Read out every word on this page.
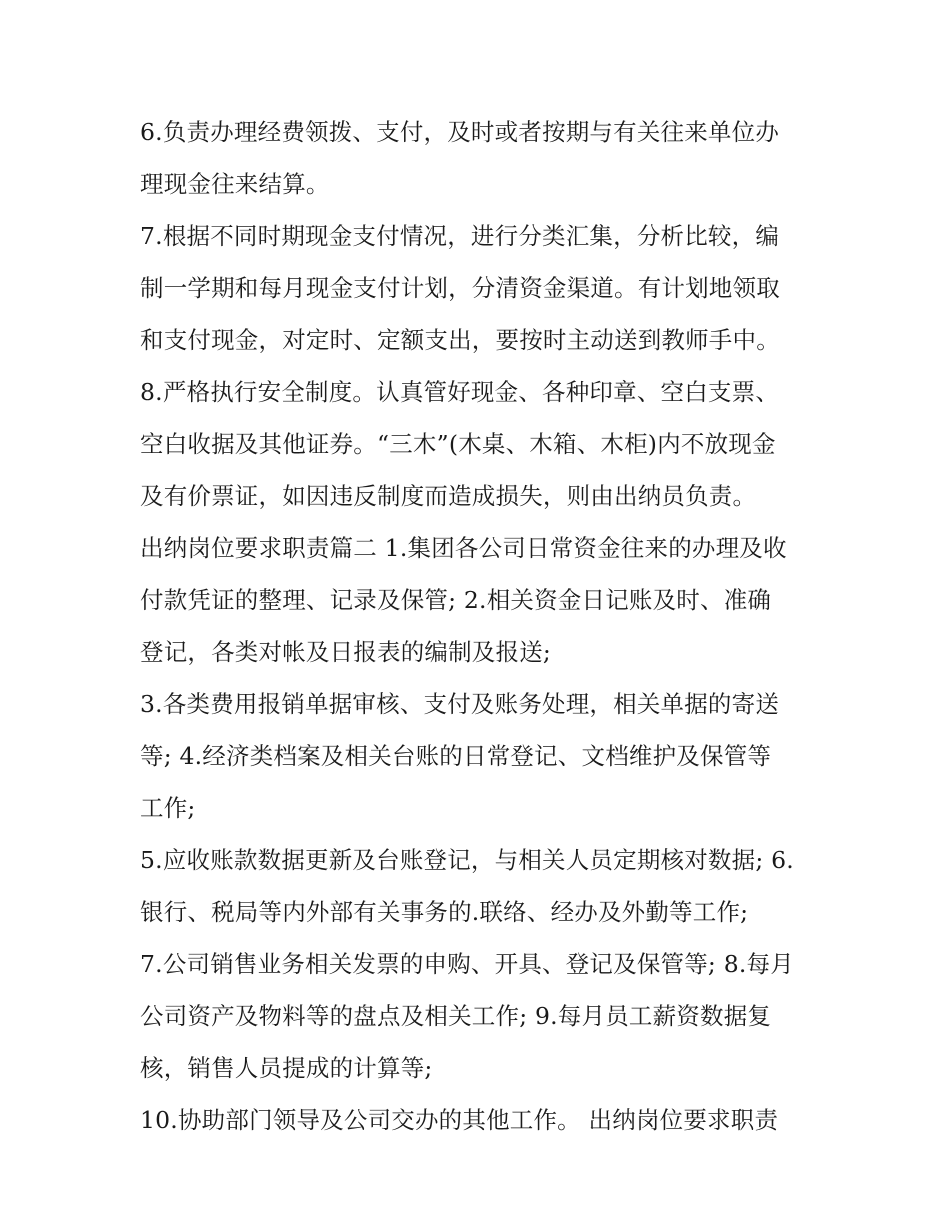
6.负责办理经费领拨、支付，及时或者按期与有关往来单位办
理现金往来结算。
7.根据不同时期现金支付情况，进行分类汇集，分析比较，编
制一学期和每月现金支付计划，分清资金渠道。有计划地领取
和支付现金，对定时、定额支出，要按时主动送到教师手中。
8.严格执行安全制度。认真管好现金、各种印章、空白支票、
空白收据及其他证券。“三木”(木桌、木箱、木柜)内不放现金
及有价票证，如因违反制度而造成损失，则由出纳员负责。
出纳岗位要求职责篇二 1.集团各公司日常资金往来的办理及收
付款凭证的整理、记录及保管; 2.相关资金日记账及时、准确
登记，各类对帐及日报表的编制及报送;
3.各类费用报销单据审核、支付及账务处理，相关单据的寄送
等; 4.经济类档案及相关台账的日常登记、文档维护及保管等
工作;
5.应收账款数据更新及台账登记，与相关人员定期核对数据; 6.
银行、税局等内外部有关事务的.联络、经办及外勤等工作;
7.公司销售业务相关发票的申购、开具、登记及保管等; 8.每月
公司资产及物料等的盘点及相关工作; 9.每月员工薪资数据复
核，销售人员提成的计算等;
10.协助部门领导及公司交办的其他工作。 出纳岗位要求职责
